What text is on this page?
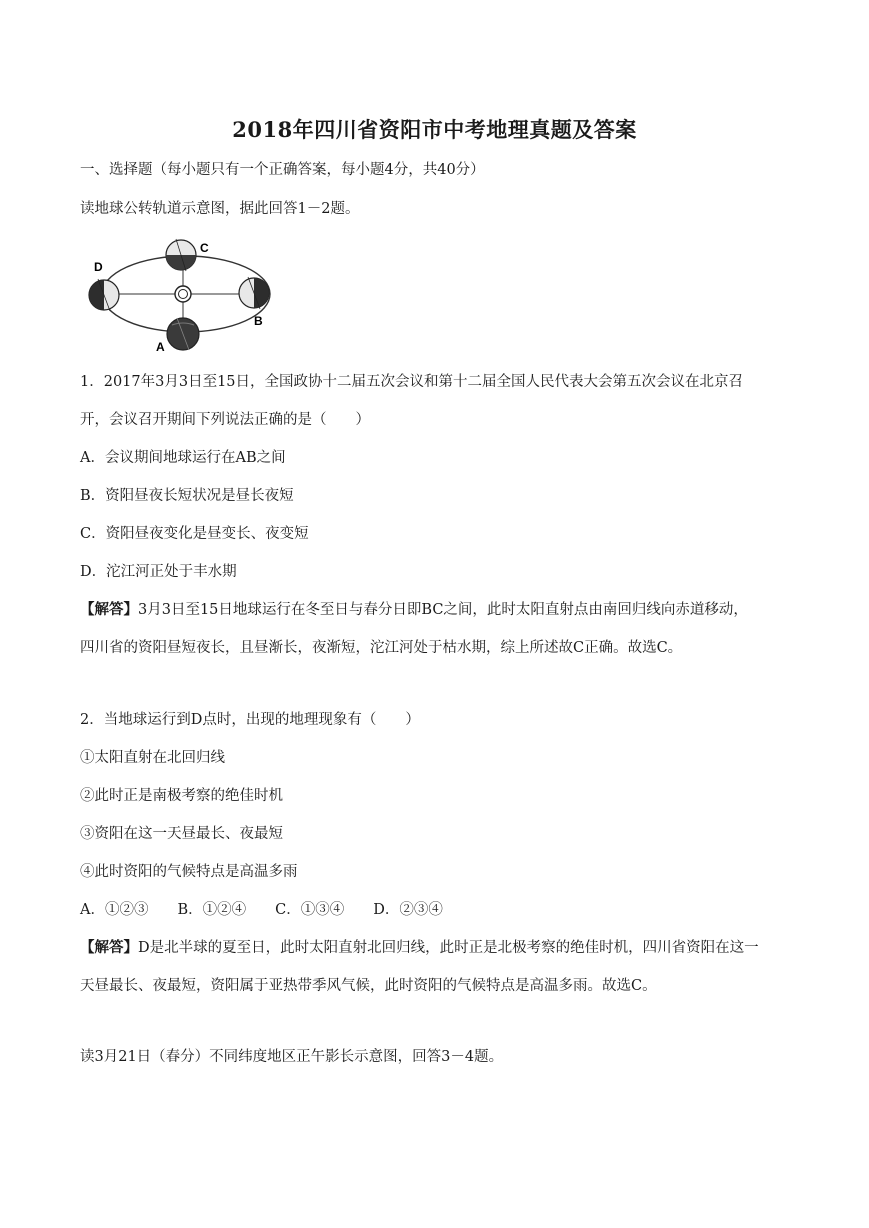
2018年四川省资阳市中考地理真题及答案
一、选择题（每小题只有一个正确答案，每小题4分，共40分）
读地球公转轨道示意图，据此回答1－2题。
C
D
B
A
1．2017年3月3日至15日，全国政协十二届五次会议和第十二届全国人民代表大会第五次会议在北京召
开，会议召开期间下列说法正确的是（　　）
A．会议期间地球运行在AB之间
B．资阳昼夜长短状况是昼长夜短
C．资阳昼夜变化是昼变长、夜变短
D．沱江河正处于丰水期
【解答】3月3日至15日地球运行在冬至日与春分日即BC之间，此时太阳直射点由南回归线向赤道移动，
四川省的资阳昼短夜长，且昼渐长，夜渐短，沱江河处于枯水期，综上所述故C正确。故选C。
2．当地球运行到D点时，出现的地理现象有（　　）
①太阳直射在北回归线
②此时正是南极考察的绝佳时机
③资阳在这一天昼最长、夜最短
④此时资阳的气候特点是高温多雨
A．①②③　　B．①②④　　C．①③④　　D．②③④
【解答】D是北半球的夏至日，此时太阳直射北回归线，此时正是北极考察的绝佳时机，四川省资阳在这一
天昼最长、夜最短，资阳属于亚热带季风气候，此时资阳的气候特点是高温多雨。故选C。
读3月21日（春分）不同纬度地区正午影长示意图，回答3－4题。
